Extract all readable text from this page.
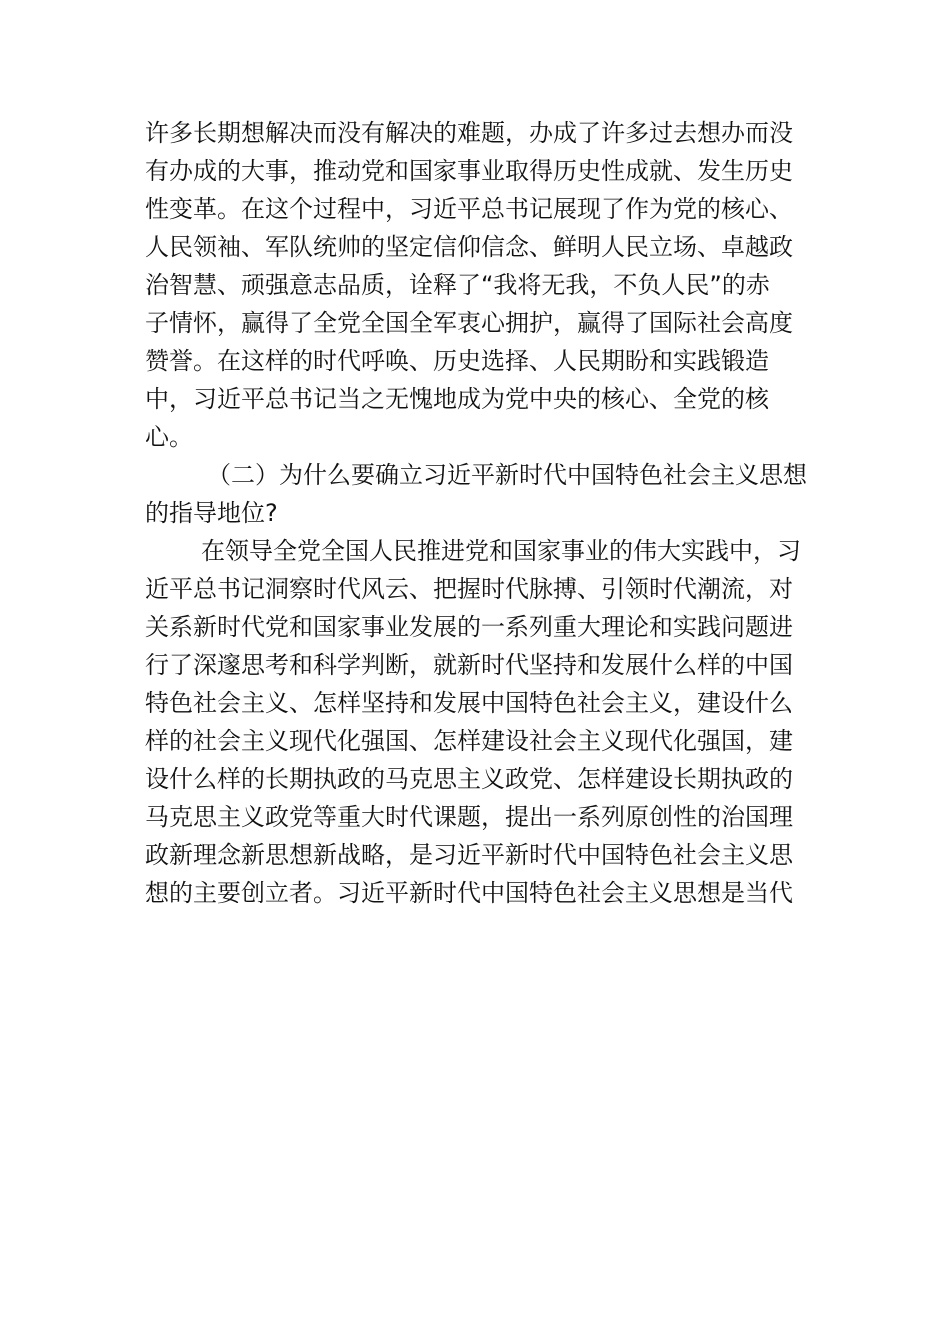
许多长期想解决而没有解决的难题，办成了许多过去想办而没
有办成的大事，推动党和国家事业取得历史性成就、发生历史
性变革。在这个过程中，习近平总书记展现了作为党的核心、
人民领袖、军队统帅的坚定信仰信念、鲜明人民立场、卓越政
治智慧、顽强意志品质，诠释了“我将无我，不负人民”的赤
子情怀，赢得了全党全国全军衷心拥护，赢得了国际社会高度
赞誉。在这样的时代呼唤、历史选择、人民期盼和实践锻造
中，习近平总书记当之无愧地成为党中央的核心、全党的核
心。
（二）为什么要确立习近平新时代中国特色社会主义思想
的指导地位?
在领导全党全国人民推进党和国家事业的伟大实践中，习
近平总书记洞察时代风云、把握时代脉搏、引领时代潮流，对
关系新时代党和国家事业发展的一系列重大理论和实践问题进
行了深邃思考和科学判断，就新时代坚持和发展什么样的中国
特色社会主义、怎样坚持和发展中国特色社会主义，建设什么
样的社会主义现代化强国、怎样建设社会主义现代化强国，建
设什么样的长期执政的马克思主义政党、怎样建设长期执政的
马克思主义政党等重大时代课题，提出一系列原创性的治国理
政新理念新思想新战略，是习近平新时代中国特色社会主义思
想的主要创立者。习近平新时代中国特色社会主义思想是当代
